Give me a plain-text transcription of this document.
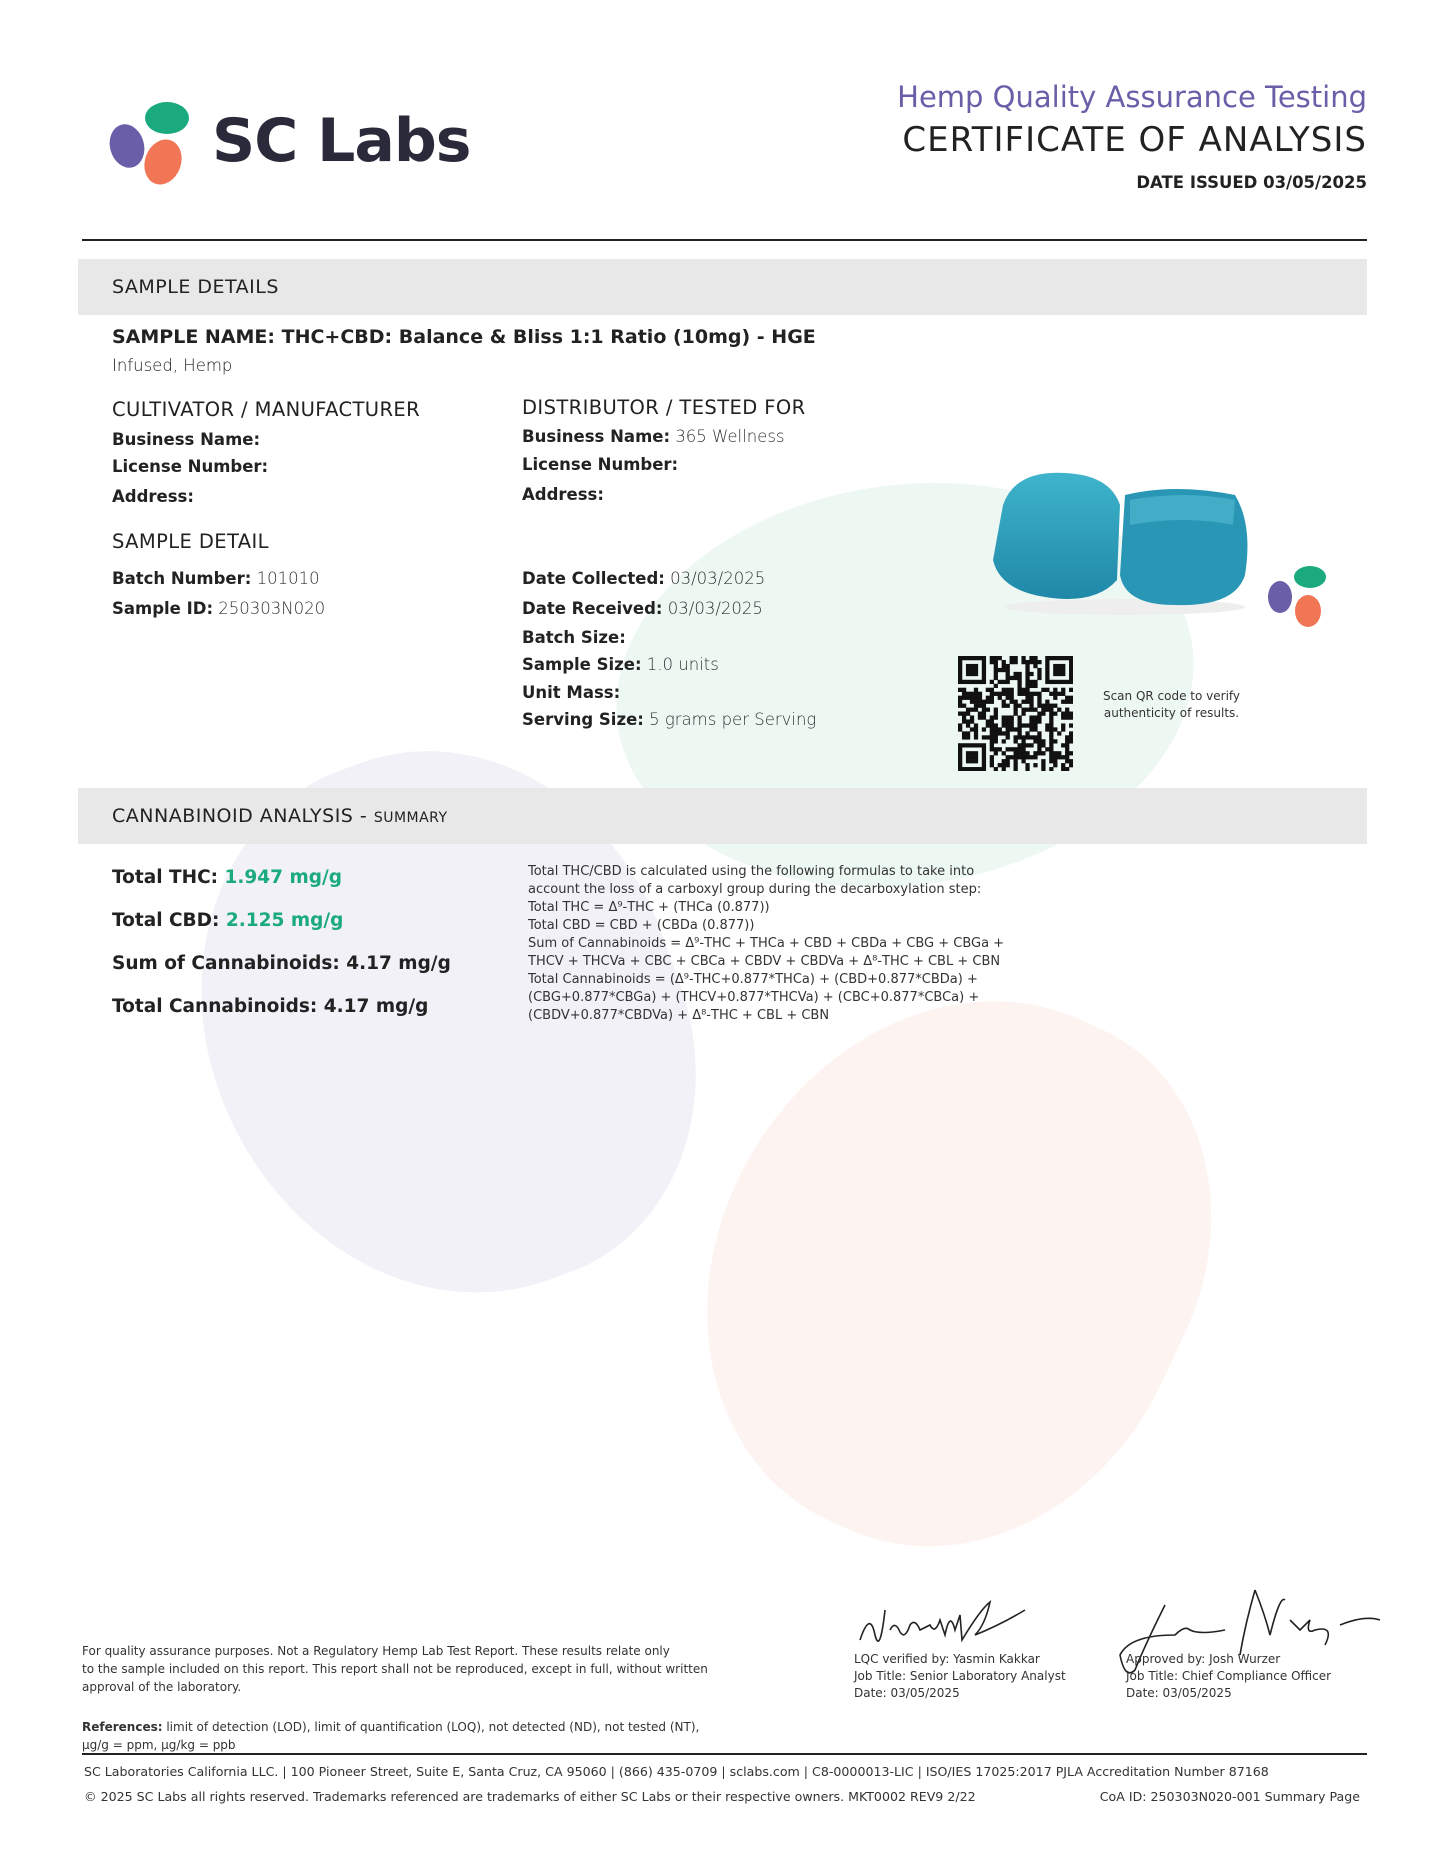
SC Labs
Hemp Quality Assurance Testing
CERTIFICATE OF ANALYSIS
DATE ISSUED 03/05/2025
SAMPLE DETAILS
SAMPLE NAME: THC+CBD: Balance & Bliss 1:1 Ratio (10mg) - HGE
Infused, Hemp
CULTIVATOR / MANUFACTURER
Business Name:
License Number:
Address:
DISTRIBUTOR / TESTED FOR
Business Name: 365 Wellness
License Number:
Address:
SAMPLE DETAIL
Batch Number: 101010
Sample ID: 250303N020
Date Collected: 03/03/2025
Date Received: 03/03/2025
Batch Size:
Sample Size: 1.0 units
Unit Mass:
Serving Size: 5 grams per Serving
Scan QR code to verify
authenticity of results.
CANNABINOID ANALYSIS - SUMMARY
Total THC: 1.947 mg/g
Total CBD: 2.125 mg/g
Sum of Cannabinoids: 4.17 mg/g
Total Cannabinoids: 4.17 mg/g
Total THC/CBD is calculated using the following formulas to take into
account the loss of a carboxyl group during the decarboxylation step:
Total THC = Δ⁹-THC + (THCa (0.877))
Total CBD = CBD + (CBDa (0.877))
Sum of Cannabinoids = Δ⁹-THC + THCa + CBD + CBDa + CBG + CBGa +
THCV + THCVa + CBC + CBCa + CBDV + CBDVa + Δ⁸-THC + CBL + CBN
Total Cannabinoids = (Δ⁹-THC+0.877*THCa) + (CBD+0.877*CBDa) +
(CBG+0.877*CBGa) + (THCV+0.877*THCVa) + (CBC+0.877*CBCa) +
(CBDV+0.877*CBDVa) + Δ⁸-THC + CBL + CBN
For quality assurance purposes. Not a Regulatory Hemp Lab Test Report. These results relate only
to the sample included on this report. This report shall not be reproduced, except in full, without written
approval of the laboratory.
LQC verified by: Yasmin Kakkar
Job Title: Senior Laboratory Analyst
Date: 03/05/2025
Approved by: Josh Wurzer
Job Title: Chief Compliance Officer
Date: 03/05/2025
References: limit of detection (LOD), limit of quantification (LOQ), not detected (ND), not tested (NT),
µg/g = ppm, µg/kg = ppb
SC Laboratories California LLC. | 100 Pioneer Street, Suite E, Santa Cruz, CA 95060 | (866) 435-0709 | sclabs.com | C8-0000013-LIC | ISO/IES 17025:2017 PJLA Accreditation Number 87168
© 2025 SC Labs all rights reserved. Trademarks referenced are trademarks of either SC Labs or their respective owners. MKT0002 REV9 2/22	CoA ID: 250303N020-001 Summary Page
